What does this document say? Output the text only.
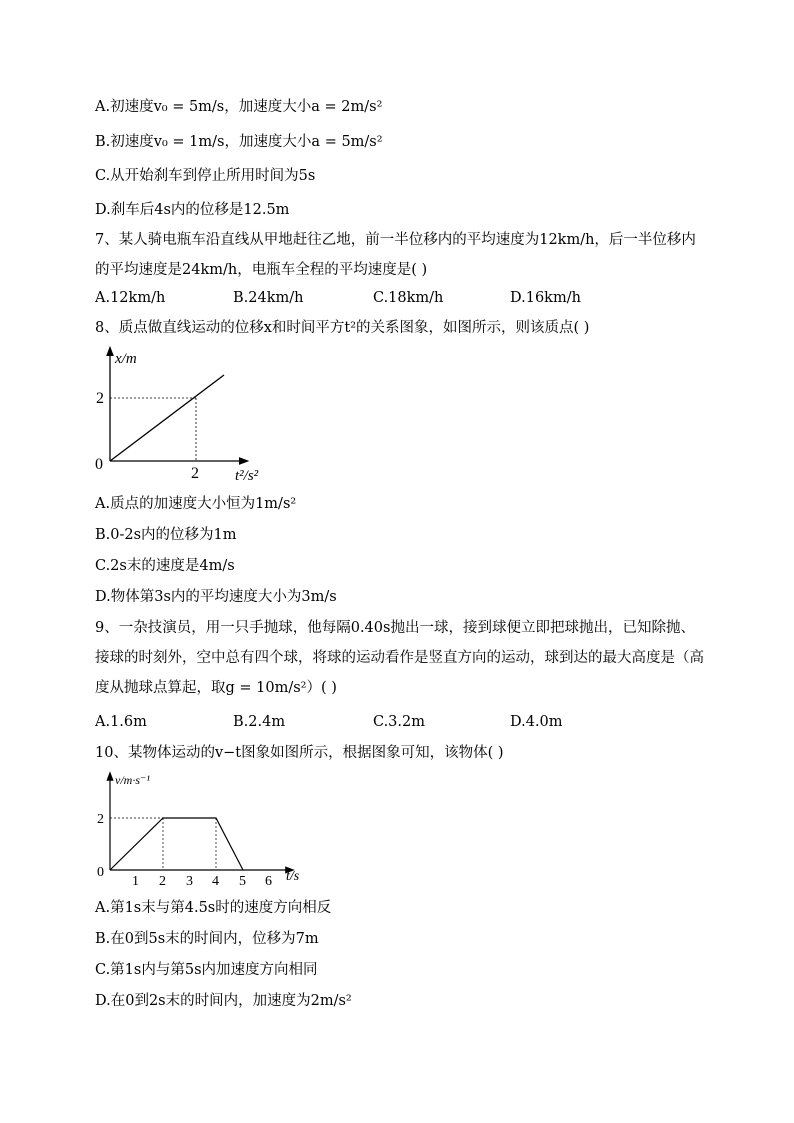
A.初速度v₀ = 5m/s，加速度大小a = 2m/s²
B.初速度v₀ = 1m/s，加速度大小a = 5m/s²
C.从开始刹车到停止所用时间为5s
D.刹车后4s内的位移是12.5m
7、某人骑电瓶车沿直线从甲地赶往乙地，前一半位移内的平均速度为12km/h，后一半位移内的平均速度是24km/h，电瓶车全程的平均速度是( )
A.12km/h	B.24km/h	C.18km/h	D.16km/h
8、质点做直线运动的位移x和时间平方t²的关系图象，如图所示，则该质点( )
x/m
2
0
2 t²/s²
A.质点的加速度大小恒为1m/s²
B.0-2s内的位移为1m
C.2s末的速度是4m/s
D.物体第3s内的平均速度大小为3m/s
9、一杂技演员，用一只手抛球，他每隔0.40s抛出一球，接到球便立即把球抛出，已知除抛、接球的时刻外，空中总有四个球，将球的运动看作是竖直方向的运动，球到达的最大高度是（高度从抛球点算起，取g = 10m/s²）( )
A.1.6m	B.2.4m	C.3.2m	D.4.0m
10、某物体运动的v−t图象如图所示，根据图象可知，该物体( )
v/m·s⁻¹
2
0
1 2 3 4 5 6 t/s
A.第1s末与第4.5s时的速度方向相反
B.在0到5s末的时间内，位移为7m
C.第1s内与第5s内加速度方向相同
D.在0到2s末的时间内，加速度为2m/s²
